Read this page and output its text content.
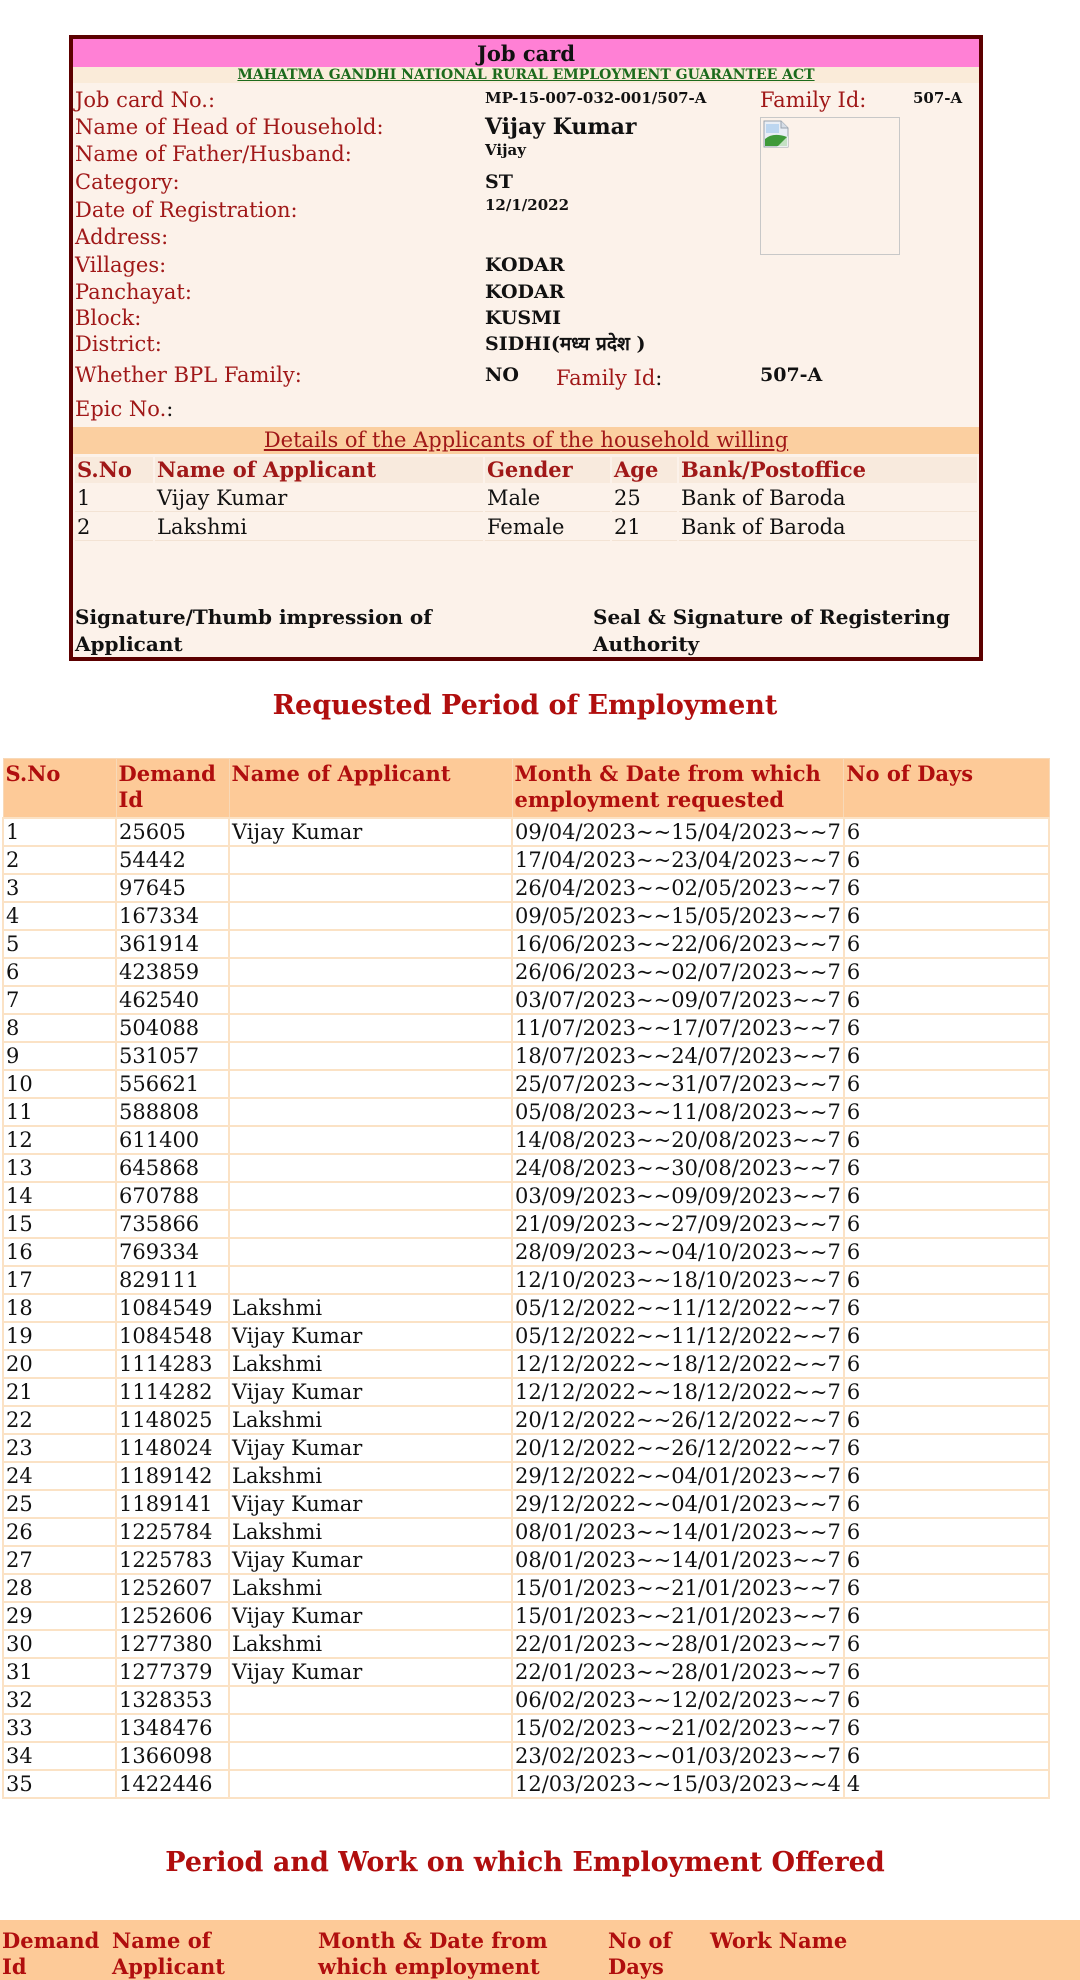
Job card
MAHATMA GANDHI NATIONAL RURAL EMPLOYMENT GUARANTEE ACT
Job card No.:	MP-15-007-032-001/507-A	Family Id:	507-A
Name of Head of Household:	Vijay Kumar
Name of Father/Husband:	Vijay
Category:	ST
Date of Registration:	12/1/2022
Address:
Villages:	KODAR
Panchayat:	KODAR
Block:	KUSMI
District:	SIDHI(मध्य प्रदेश )
Whether BPL Family:	NO Family Id:	507-A
Epic No.:
Details of the Applicants of the household willing
S.No	Name of Applicant	Gender	Age	Bank/Postoffice
1	Vijay Kumar	Male	25	Bank of Baroda
2	Lakshmi	Female	21	Bank of Baroda
Signature/Thumb impression of Applicant
Seal & Signature of Registering Authority
Requested Period of Employment
S.No	Demand Id	Name of Applicant	Month & Date from which employment requested	No of Days
1	25605	Vijay Kumar	09/04/2023~~15/04/2023~~7	6
2	54442		17/04/2023~~23/04/2023~~7	6
3	97645		26/04/2023~~02/05/2023~~7	6
4	167334		09/05/2023~~15/05/2023~~7	6
5	361914		16/06/2023~~22/06/2023~~7	6
6	423859		26/06/2023~~02/07/2023~~7	6
7	462540		03/07/2023~~09/07/2023~~7	6
8	504088		11/07/2023~~17/07/2023~~7	6
9	531057		18/07/2023~~24/07/2023~~7	6
10	556621		25/07/2023~~31/07/2023~~7	6
11	588808		05/08/2023~~11/08/2023~~7	6
12	611400		14/08/2023~~20/08/2023~~7	6
13	645868		24/08/2023~~30/08/2023~~7	6
14	670788		03/09/2023~~09/09/2023~~7	6
15	735866		21/09/2023~~27/09/2023~~7	6
16	769334		28/09/2023~~04/10/2023~~7	6
17	829111		12/10/2023~~18/10/2023~~7	6
18	1084549	Lakshmi	05/12/2022~~11/12/2022~~7	6
19	1084548	Vijay Kumar	05/12/2022~~11/12/2022~~7	6
20	1114283	Lakshmi	12/12/2022~~18/12/2022~~7	6
21	1114282	Vijay Kumar	12/12/2022~~18/12/2022~~7	6
22	1148025	Lakshmi	20/12/2022~~26/12/2022~~7	6
23	1148024	Vijay Kumar	20/12/2022~~26/12/2022~~7	6
24	1189142	Lakshmi	29/12/2022~~04/01/2023~~7	6
25	1189141	Vijay Kumar	29/12/2022~~04/01/2023~~7	6
26	1225784	Lakshmi	08/01/2023~~14/01/2023~~7	6
27	1225783	Vijay Kumar	08/01/2023~~14/01/2023~~7	6
28	1252607	Lakshmi	15/01/2023~~21/01/2023~~7	6
29	1252606	Vijay Kumar	15/01/2023~~21/01/2023~~7	6
30	1277380	Lakshmi	22/01/2023~~28/01/2023~~7	6
31	1277379	Vijay Kumar	22/01/2023~~28/01/2023~~7	6
32	1328353		06/02/2023~~12/02/2023~~7	6
33	1348476		15/02/2023~~21/02/2023~~7	6
34	1366098		23/02/2023~~01/03/2023~~7	6
35	1422446		12/03/2023~~15/03/2023~~4	4
Period and Work on which Employment Offered
Demand Id
Name of Applicant
Month & Date from which employment
No of Days
Work Name
